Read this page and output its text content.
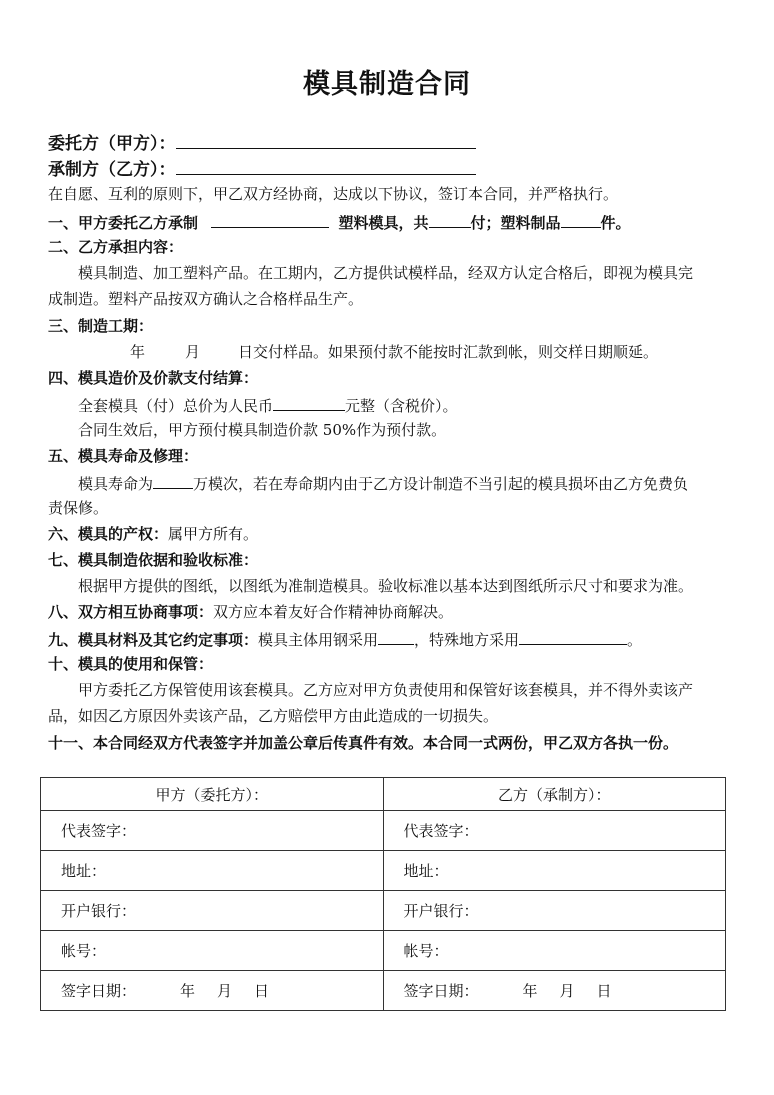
模具制造合同
委托方（甲方）：
承制方（乙方）：
在自愿、互利的原则下，甲乙双方经协商，达成以下协议，签订本合同，并严格执行。
一、甲方委托乙方承制	塑料模具，共	付；塑料制品	件。
二、乙方承担内容：
模具制造、加工塑料产品。在工期内，乙方提供试模样品，经双方认定合格后，即视为模具完
成制造。塑料产品按双方确认之合格样品生产。
三、制造工期：
年	月	日交付样品。如果预付款不能按时汇款到帐，则交样日期顺延。
四、模具造价及价款支付结算：
全套模具（付）总价为人民币	元整（含税价）。
合同生效后，甲方预付模具制造价款 50%作为预付款。
五、模具寿命及修理：
模具寿命为	万模次，若在寿命期内由于乙方设计制造不当引起的模具损坏由乙方免费负
责保修。
六、模具的产权：属甲方所有。
七、模具制造依据和验收标准：
根据甲方提供的图纸，以图纸为准制造模具。验收标准以基本达到图纸所示尺寸和要求为准。
八、双方相互协商事项：双方应本着友好合作精神协商解决。
九、模具材料及其它约定事项：模具主体用钢采用 ，特殊地方采用	。
十、模具的使用和保管：
甲方委托乙方保管使用该套模具。乙方应对甲方负责使用和保管好该套模具，并不得外卖该产
品，如因乙方原因外卖该产品，乙方赔偿甲方由此造成的一切损失。
十一、本合同经双方代表签字并加盖公章后传真件有效。本合同一式两份，甲乙双方各执一份。
甲方（委托方）：	乙方（承制方）：
代表签字：	代表签字：
地址：	地址：
开户银行：	开户银行：
帐号：	帐号：
签字日期： 年 月 日	签字日期： 年 月 日
